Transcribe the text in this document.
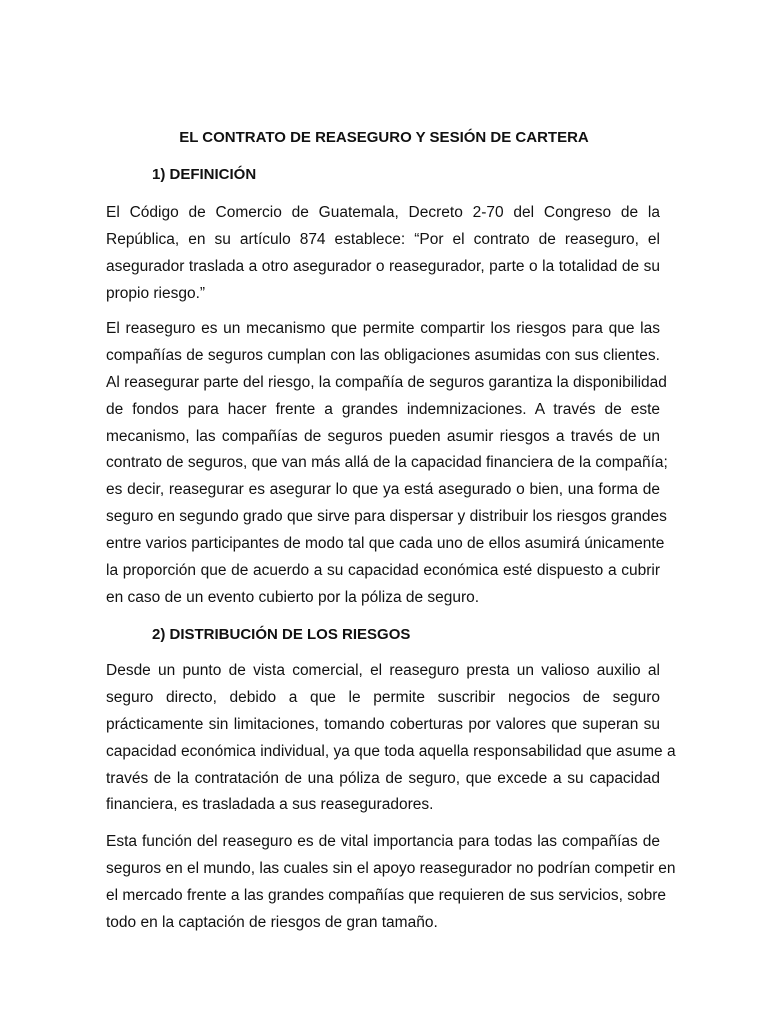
EL CONTRATO DE REASEGURO Y SESIÓN DE CARTERA
1) DEFINICIÓN
El Código de Comercio de Guatemala, Decreto 2-70 del Congreso de la
República, en su artículo 874 establece: “Por el contrato de reaseguro, el
asegurador traslada a otro asegurador o reasegurador, parte o la totalidad de su
propio riesgo.”
El reaseguro es un mecanismo que permite compartir los riesgos para que las
compañías de seguros cumplan con las obligaciones asumidas con sus clientes.
Al reasegurar parte del riesgo, la compañía de seguros garantiza la disponibilidad
de fondos para hacer frente a grandes indemnizaciones. A través de este
mecanismo, las compañías de seguros pueden asumir riesgos a través de un
contrato de seguros, que van más allá de la capacidad financiera de la compañía;
es decir, reasegurar es asegurar lo que ya está asegurado o bien, una forma de
seguro en segundo grado que sirve para dispersar y distribuir los riesgos grandes
entre varios participantes de modo tal que cada uno de ellos asumirá únicamente
la proporción que de acuerdo a su capacidad económica esté dispuesto a cubrir
en caso de un evento cubierto por la póliza de seguro.
2) DISTRIBUCIÓN DE LOS RIESGOS
Desde un punto de vista comercial, el reaseguro presta un valioso auxilio al
seguro directo, debido a que le permite suscribir negocios de seguro
prácticamente sin limitaciones, tomando coberturas por valores que superan su
capacidad económica individual, ya que toda aquella responsabilidad que asume a
través de la contratación de una póliza de seguro, que excede a su capacidad
financiera, es trasladada a sus reaseguradores.
Esta función del reaseguro es de vital importancia para todas las compañías de
seguros en el mundo, las cuales sin el apoyo reasegurador no podrían competir en
el mercado frente a las grandes compañías que requieren de sus servicios, sobre
todo en la captación de riesgos de gran tamaño.
